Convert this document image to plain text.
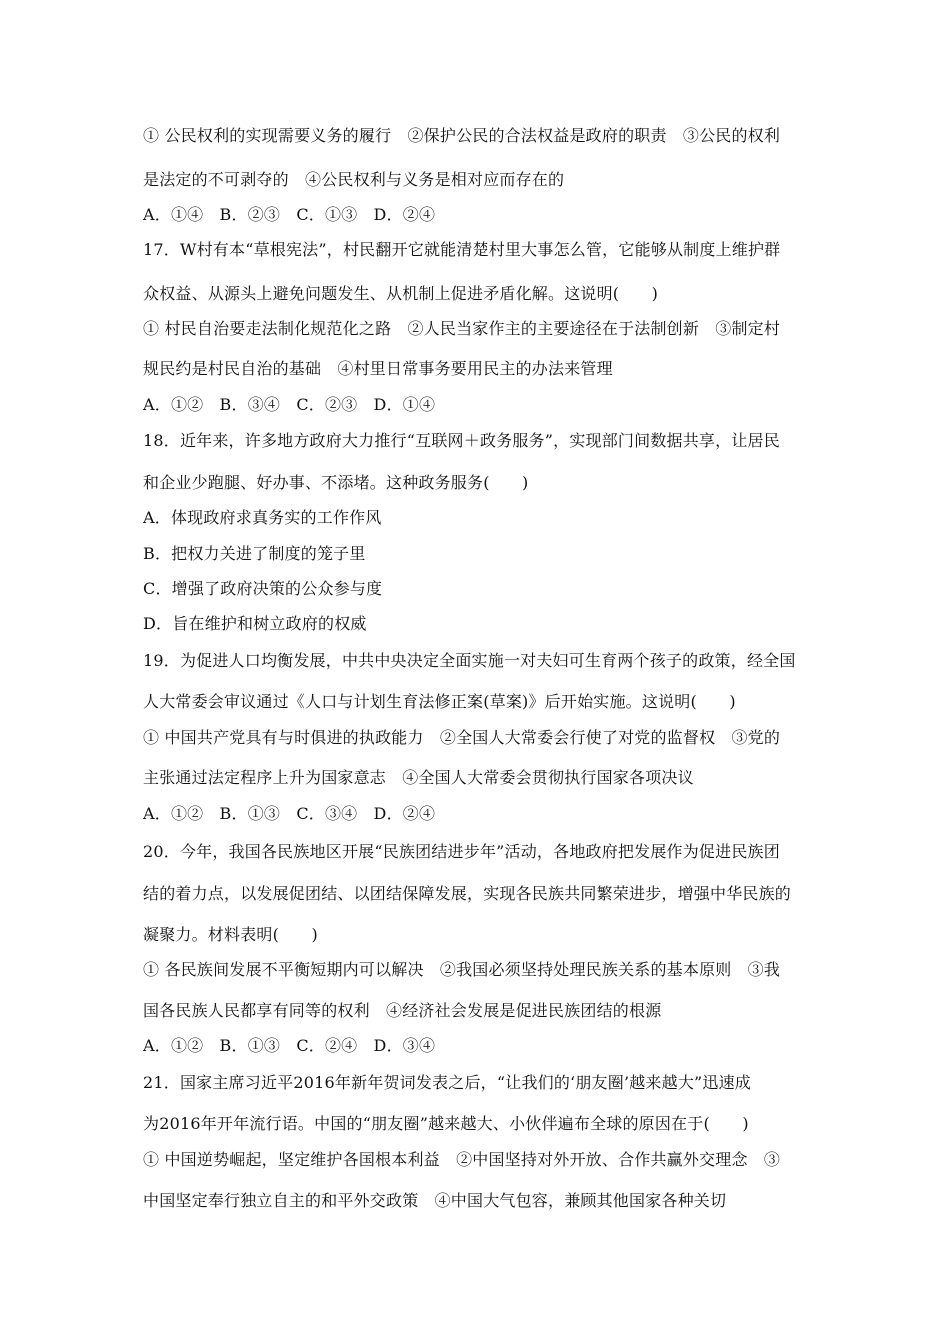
① 公民权利的实现需要义务的履行　②保护公民的合法权益是政府的职责　③公民的权利
是法定的不可剥夺的　④公民权利与义务是相对应而存在的
A．①④　B．②③　C．①③　D．②④
17．W村有本“草根宪法”，村民翻开它就能清楚村里大事怎么管，它能够从制度上维护群
众权益、从源头上避免问题发生、从机制上促进矛盾化解。这说明(　　)
① 村民自治要走法制化规范化之路　②人民当家作主的主要途径在于法制创新　③制定村
规民约是村民自治的基础　④村里日常事务要用民主的办法来管理
A．①②　B．③④　C．②③　D．①④
18．近年来，许多地方政府大力推行“互联网＋政务服务”，实现部门间数据共享，让居民
和企业少跑腿、好办事、不添堵。这种政务服务(　　)
A．体现政府求真务实的工作作风
B．把权力关进了制度的笼子里
C．增强了政府决策的公众参与度
D．旨在维护和树立政府的权威
19．为促进人口均衡发展，中共中央决定全面实施一对夫妇可生育两个孩子的政策，经全国
人大常委会审议通过《人口与计划生育法修正案(草案)》后开始实施。这说明(　　)
① 中国共产党具有与时俱进的执政能力　②全国人大常委会行使了对党的监督权　③党的
主张通过法定程序上升为国家意志　④全国人大常委会贯彻执行国家各项决议
A．①②　B．①③　C．③④　D．②④
20．今年，我国各民族地区开展“民族团结进步年”活动，各地政府把发展作为促进民族团
结的着力点，以发展促团结、以团结保障发展，实现各民族共同繁荣进步，增强中华民族的
凝聚力。材料表明(　　)
① 各民族间发展不平衡短期内可以解决　②我国必须坚持处理民族关系的基本原则　③我
国各民族人民都享有同等的权利　④经济社会发展是促进民族团结的根源
A．①②　B．①③　C．②④　D．③④
21．国家主席习近平2016年新年贺词发表之后，“让我们的‘朋友圈’越来越大”迅速成
为2016年开年流行语。中国的“朋友圈”越来越大、小伙伴遍布全球的原因在于(　　)
① 中国逆势崛起，坚定维护各国根本利益　②中国坚持对外开放、合作共赢外交理念　③
中国坚定奉行独立自主的和平外交政策　④中国大气包容，兼顾其他国家各种关切
